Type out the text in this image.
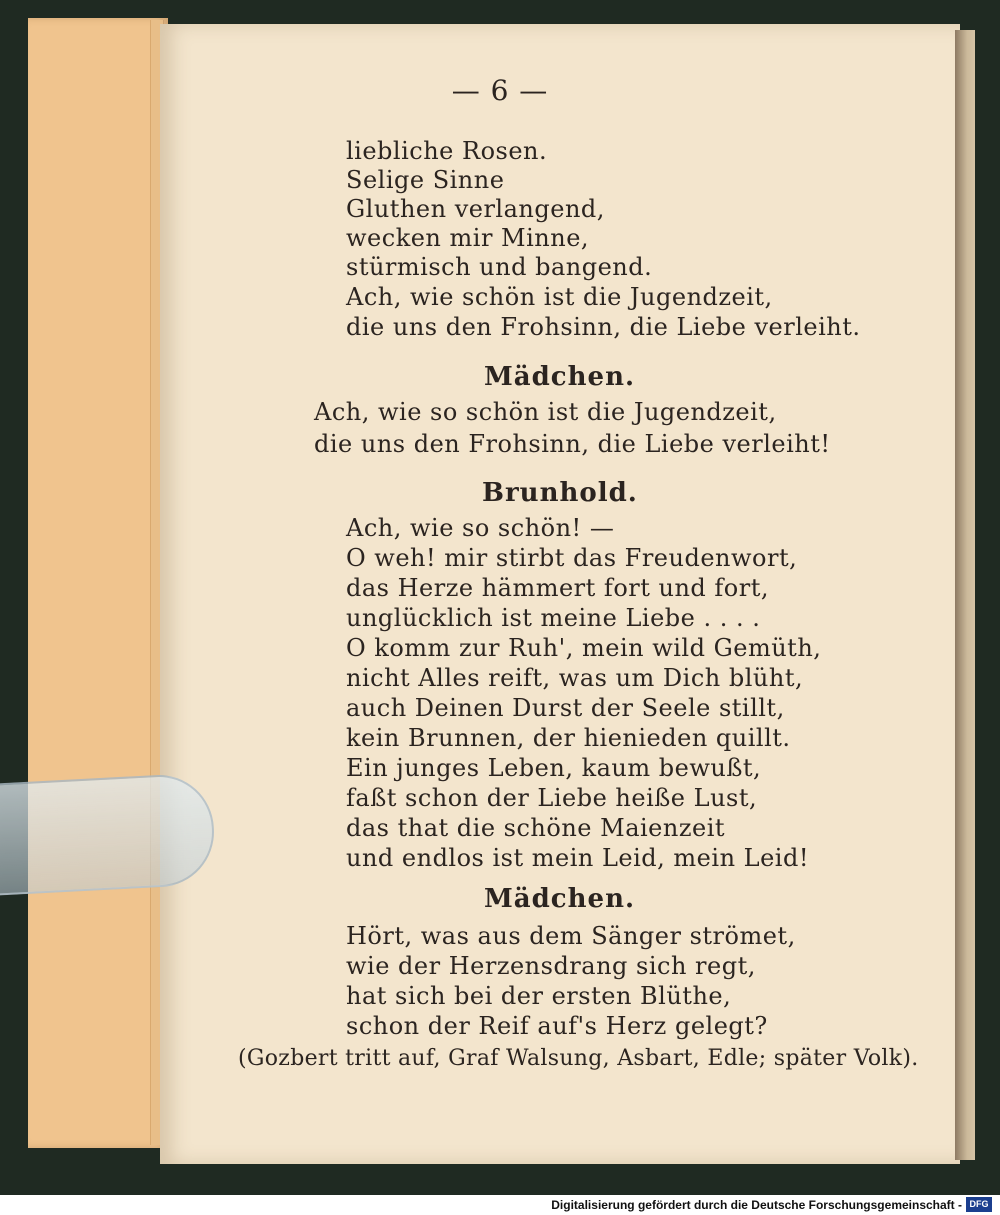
— 6 —
liebliche Rosen.
Selige Sinne
Gluthen verlangend,
wecken mir Minne,
stürmisch und bangend.
Ach, wie schön ist die Jugendzeit,
die uns den Frohsinn, die Liebe verleiht.
Mädchen.
Ach, wie so schön ist die Jugendzeit,
die uns den Frohsinn, die Liebe verleiht!
Brunhold.
Ach, wie so schön! —
O weh! mir stirbt das Freudenwort,
das Herze hämmert fort und fort,
unglücklich ist meine Liebe . . . .
O komm zur Ruh', mein wild Gemüth,
nicht Alles reift, was um Dich blüht,
auch Deinen Durst der Seele stillt,
kein Brunnen, der hienieden quillt.
Ein junges Leben, kaum bewußt,
faßt schon der Liebe heiße Lust,
das that die schöne Maienzeit
und endlos ist mein Leid, mein Leid!
Mädchen.
Hört, was aus dem Sänger strömet,
wie der Herzensdrang sich regt,
hat sich bei der ersten Blüthe,
schon der Reif auf's Herz gelegt?
(Gozbert tritt auf, Graf Walsung, Asbart, Edle; später Volk).
Digitalisierung gefördert durch die Deutsche Forschungsgemeinschaft - DFG
